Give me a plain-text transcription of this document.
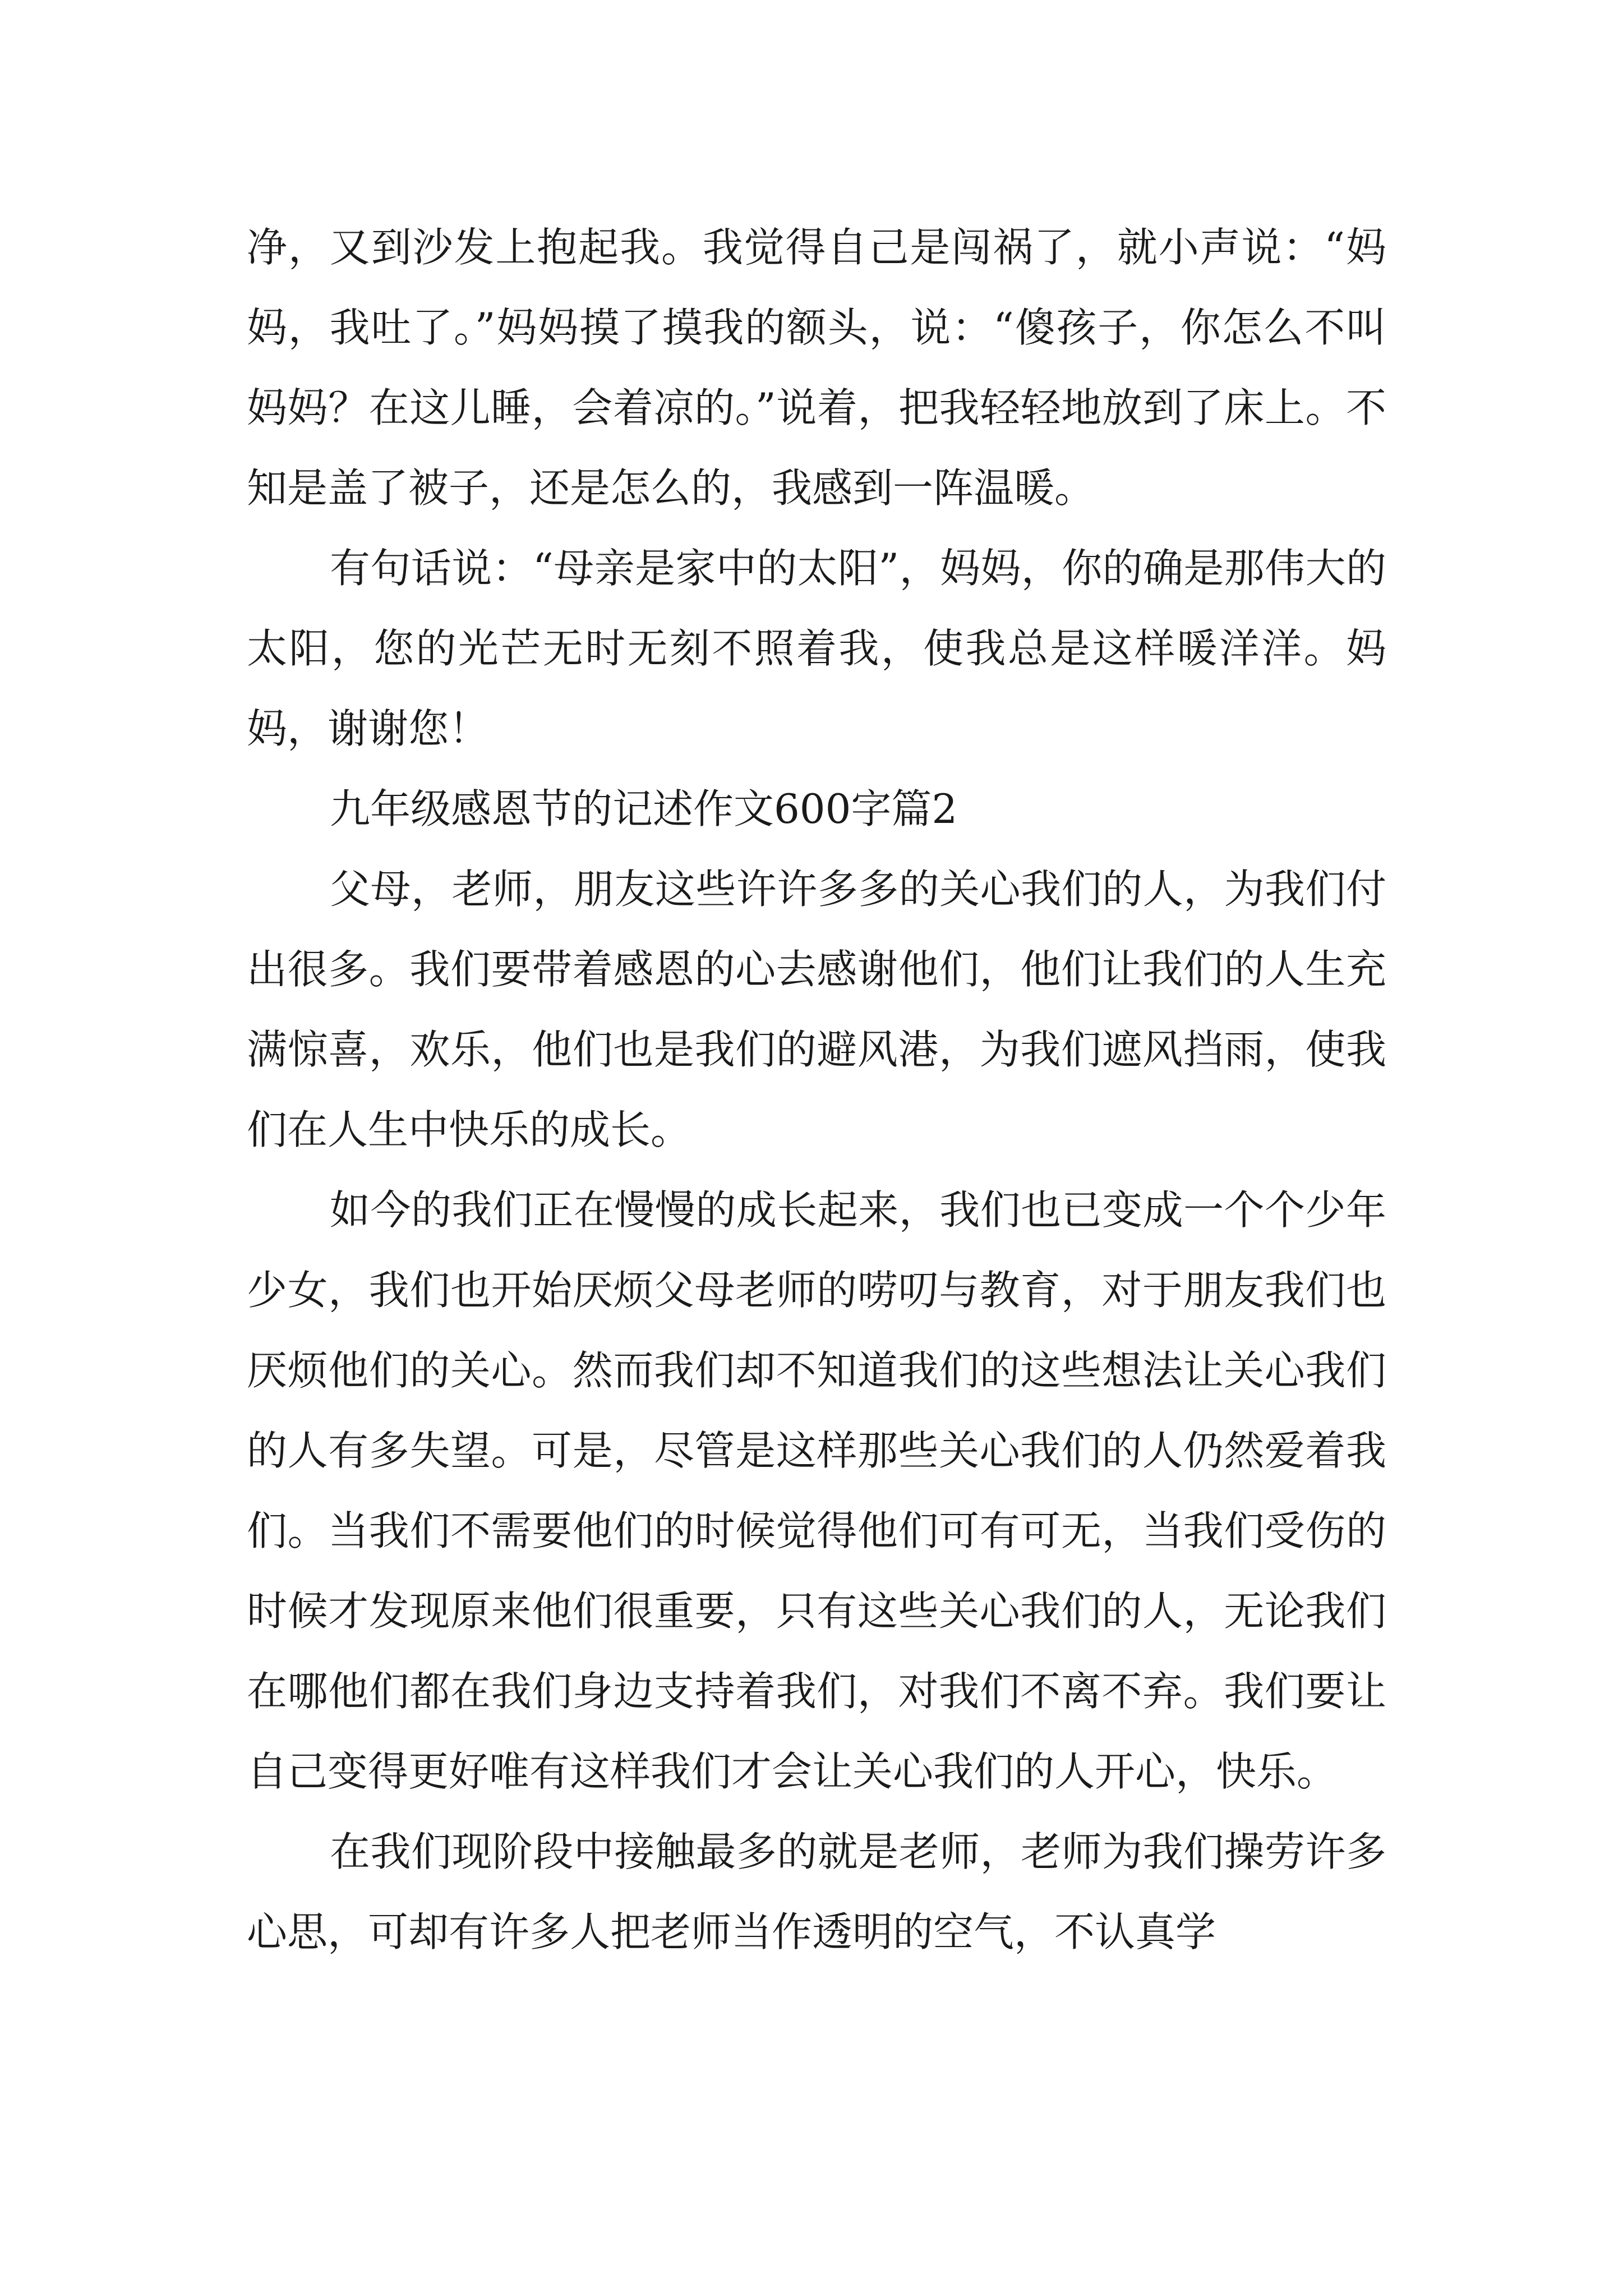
净，又到沙发上抱起我。我觉得自己是闯祸了，就小声说：“妈妈，我吐了。”妈妈摸了摸我的额头，说：“傻孩子，你怎么不叫妈妈？在这儿睡，会着凉的。”说着，把我轻轻地放到了床上。不知是盖了被子，还是怎么的，我感到一阵温暖。

有句话说：“母亲是家中的太阳”，妈妈，你的确是那伟大的太阳，您的光芒无时无刻不照着我，使我总是这样暖洋洋。妈妈，谢谢您！

九年级感恩节的记述作文600字篇2

父母，老师，朋友这些许许多多的关心我们的人，为我们付出很多。我们要带着感恩的心去感谢他们，他们让我们的人生充满惊喜，欢乐，他们也是我们的避风港，为我们遮风挡雨，使我们在人生中快乐的成长。

如今的我们正在慢慢的成长起来，我们也已变成一个个少年少女，我们也开始厌烦父母老师的唠叨与教育，对于朋友我们也厌烦他们的关心。然而我们却不知道我们的这些想法让关心我们的人有多失望。可是，尽管是这样那些关心我们的人仍然爱着我们。当我们不需要他们的时候觉得他们可有可无，当我们受伤的时候才发现原来他们很重要，只有这些关心我们的人，无论我们在哪他们都在我们身边支持着我们，对我们不离不弃。我们要让自己变得更好唯有这样我们才会让关心我们的人开心，快乐。

在我们现阶段中接触最多的就是老师，老师为我们操劳许多心思，可却有许多人把老师当作透明的空气，不认真学
